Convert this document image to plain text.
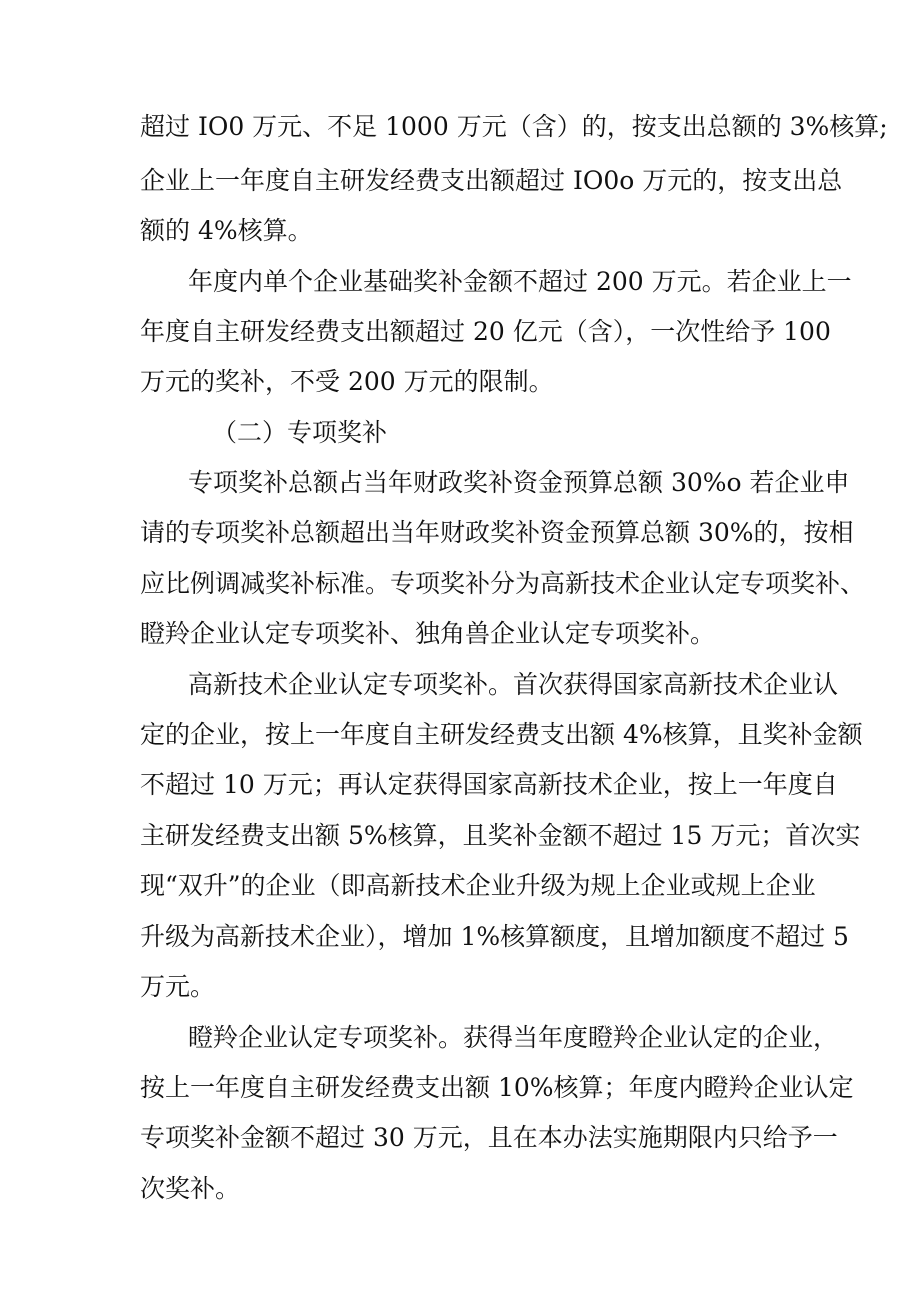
超过 IO0 万元、不足 1000 万元（含）的，按支出总额的 3%核算;
企业上一年度自主研发经费支出额超过 IO0o 万元的，按支出总
额的 4%核算。
年度内单个企业基础奖补金额不超过 200 万元。若企业上一
年度自主研发经费支出额超过 20 亿元（含），一次性给予 100
万元的奖补，不受 200 万元的限制。
（二）专项奖补
专项奖补总额占当年财政奖补资金预算总额 30%o 若企业申
请的专项奖补总额超出当年财政奖补资金预算总额 30%的，按相
应比例调减奖补标准。专项奖补分为高新技术企业认定专项奖补、
瞪羚企业认定专项奖补、独角兽企业认定专项奖补。
高新技术企业认定专项奖补。首次获得国家高新技术企业认
定的企业，按上一年度自主研发经费支出额 4%核算，且奖补金额
不超过 10 万元；再认定获得国家高新技术企业，按上一年度自
主研发经费支出额 5%核算，且奖补金额不超过 15 万元；首次实
现“双升”的企业（即高新技术企业升级为规上企业或规上企业
升级为高新技术企业），增加 1%核算额度，且增加额度不超过 5
万元。
瞪羚企业认定专项奖补。获得当年度瞪羚企业认定的企业，
按上一年度自主研发经费支出额 10%核算；年度内瞪羚企业认定
专项奖补金额不超过 30 万元，且在本办法实施期限内只给予一
次奖补。
